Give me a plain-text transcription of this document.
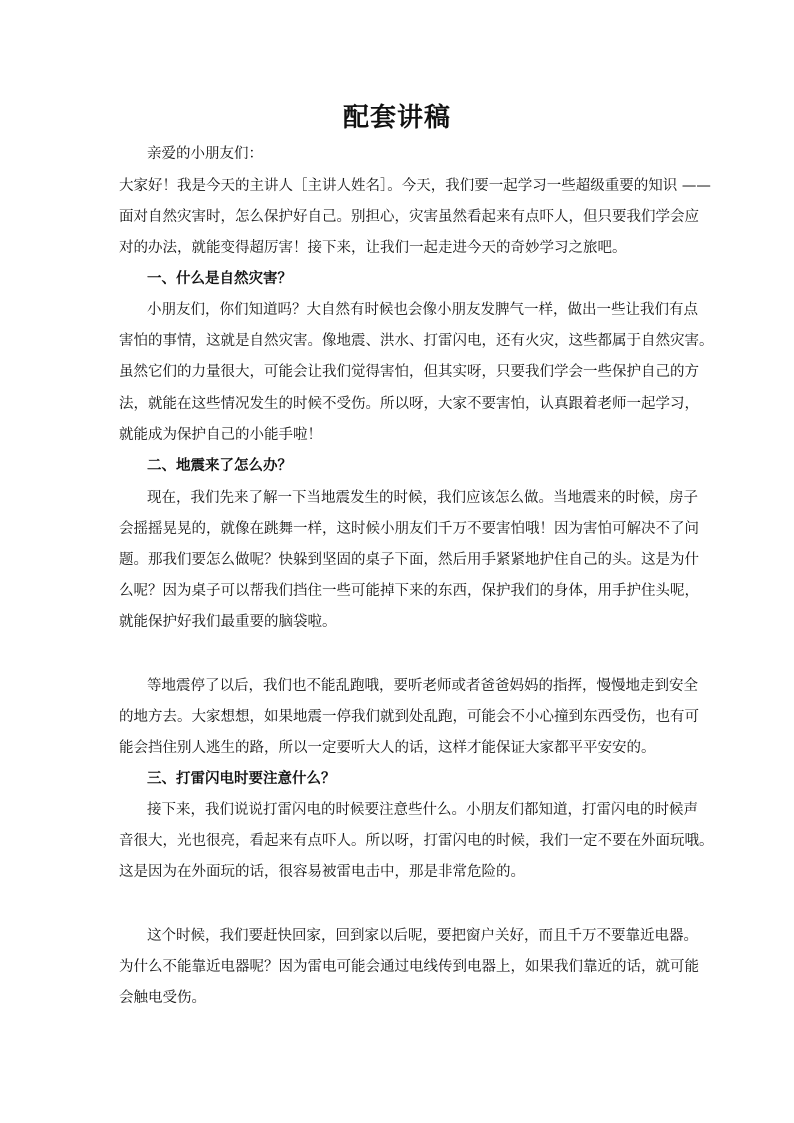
配套讲稿
亲爱的小朋友们：
大家好！我是今天的主讲人［主讲人姓名］。今天，我们要一起学习一些超级重要的知识 ——
面对自然灾害时，怎么保护好自己。别担心，灾害虽然看起来有点吓人，但只要我们学会应
对的办法，就能变得超厉害！接下来，让我们一起走进今天的奇妙学习之旅吧。
一、什么是自然灾害？
小朋友们，你们知道吗？大自然有时候也会像小朋友发脾气一样，做出一些让我们有点
害怕的事情，这就是自然灾害。像地震、洪水、打雷闪电，还有火灾，这些都属于自然灾害。
虽然它们的力量很大，可能会让我们觉得害怕，但其实呀，只要我们学会一些保护自己的方
法，就能在这些情况发生的时候不受伤。所以呀，大家不要害怕，认真跟着老师一起学习，
就能成为保护自己的小能手啦！
二、地震来了怎么办？
现在，我们先来了解一下当地震发生的时候，我们应该怎么做。当地震来的时候，房子
会摇摇晃晃的，就像在跳舞一样，这时候小朋友们千万不要害怕哦！因为害怕可解决不了问
题。那我们要怎么做呢？快躲到坚固的桌子下面，然后用手紧紧地护住自己的头。这是为什
么呢？因为桌子可以帮我们挡住一些可能掉下来的东西，保护我们的身体，用手护住头呢，
就能保护好我们最重要的脑袋啦。
等地震停了以后，我们也不能乱跑哦，要听老师或者爸爸妈妈的指挥，慢慢地走到安全
的地方去。大家想想，如果地震一停我们就到处乱跑，可能会不小心撞到东西受伤，也有可
能会挡住别人逃生的路，所以一定要听大人的话，这样才能保证大家都平平安安的。
三、打雷闪电时要注意什么？
接下来，我们说说打雷闪电的时候要注意些什么。小朋友们都知道，打雷闪电的时候声
音很大，光也很亮，看起来有点吓人。所以呀，打雷闪电的时候，我们一定不要在外面玩哦。
这是因为在外面玩的话，很容易被雷电击中，那是非常危险的。
这个时候，我们要赶快回家，回到家以后呢，要把窗户关好，而且千万不要靠近电器。
为什么不能靠近电器呢？因为雷电可能会通过电线传到电器上，如果我们靠近的话，就可能
会触电受伤。
